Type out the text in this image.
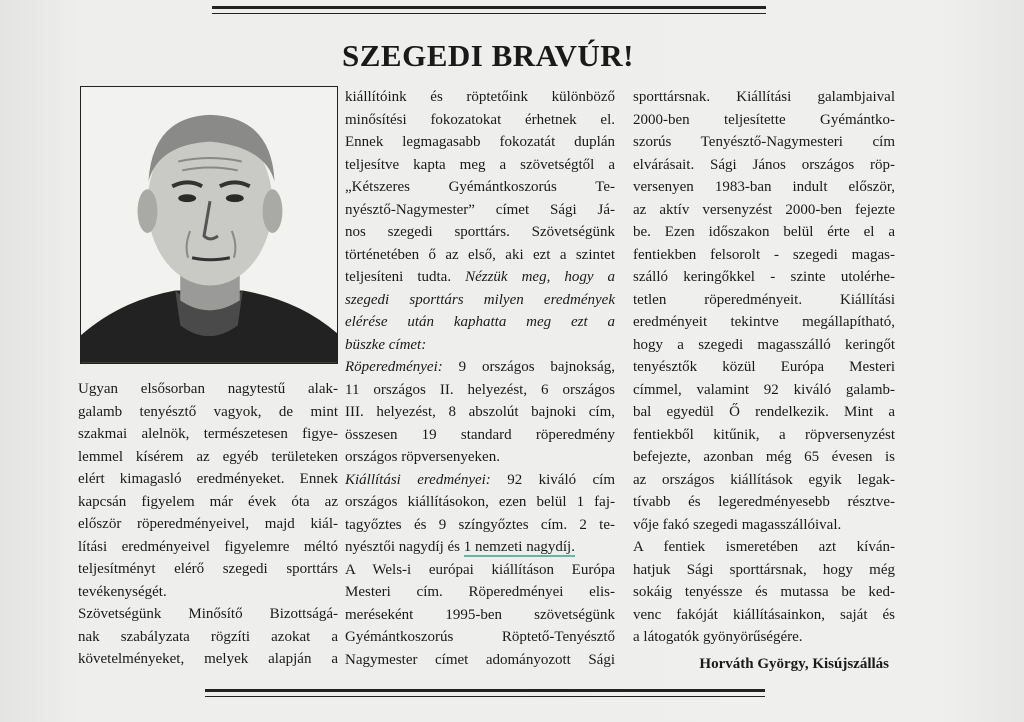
SZEGEDI BRAVÚR!

Ugyan elsősorban nagytestű alak-

galamb tenyésztő vagyok, de mint

szakmai alelnök, természetesen figye-

lemmel kísérem az egyéb területeken

elért kimagasló eredményeket. Ennek

kapcsán figyelem már évek óta az

először röperedményeivel, majd kiál-

lítási eredményeivel figyelemre méltó

teljesítményt elérő szegedi sporttárs

tevékenységét.

Szövetségünk Minősítő Bizottságá-

nak szabályzata rögzíti azokat a

követelményeket, melyek alapján a

kiállítóink és röptetőink különböző

minősítési fokozatokat érhetnek el.

Ennek legmagasabb fokozatát duplán

teljesítve kapta meg a szövetségtől a

„Kétszeres Gyémántkoszorús Te-

nyésztő-Nagymester” címet Sági Já-

nos szegedi sporttárs. Szövetségünk

történetében ő az első, aki ezt a szintet

teljesíteni tudta. Nézzük meg, hogy a

szegedi sporttárs milyen eredmények

elérése után kaphatta meg ezt a

büszke címet:

Röperedményei: 9 országos bajnokság,

11 országos II. helyezést, 6 országos

III. helyezést, 8 abszolút bajnoki cím,

összesen 19 standard röperedmény

országos röpversenyeken.

Kiállítási eredményei: 92 kiváló cím

országos kiállításokon, ezen belül 1 faj-

tagyőztes és 9 színgyőztes cím. 2 te-

nyésztői nagydíj és 1 nemzeti nagydíj.

A Wels-i európai kiállításon Európa

Mesteri cím. Röperedményei elis-

meréseként 1995-ben szövetségünk

Gyémántkoszorús Röptető-Tenyésztő

Nagymester címet adományozott Sági

sporttársnak. Kiállítási galambjaival

2000-ben teljesítette Gyémántko-

szorús Tenyésztő-Nagymesteri cím

elvárásait. Sági János országos röp-

versenyen 1983-ban indult először,

az aktív versenyzést 2000-ben fejezte

be. Ezen időszakon belül érte el a

fentiekben felsorolt - szegedi magas-

szálló keringőkkel - szinte utolérhe-

tetlen röperedményeit. Kiállítási

eredményeit tekintve megállapítható,

hogy a szegedi magasszálló keringőt

tenyésztők közül Európa Mesteri

címmel, valamint 92 kiváló galamb-

bal egyedül Ő rendelkezik. Mint a

fentiekből kitűnik, a röpversenyzést

befejezte, azonban még 65 évesen is

az országos kiállítások egyik legak-

tívabb és legeredményesebb résztve-

vője fakó szegedi magasszállóival.

A fentiek ismeretében azt kíván-

hatjuk Sági sporttársnak, hogy még

sokáig tenyéssze és mutassa be ked-

venc fakóját kiállításainkon, saját és

a látogatók gyönyörűségére.

Horváth György, Kisújszállás
